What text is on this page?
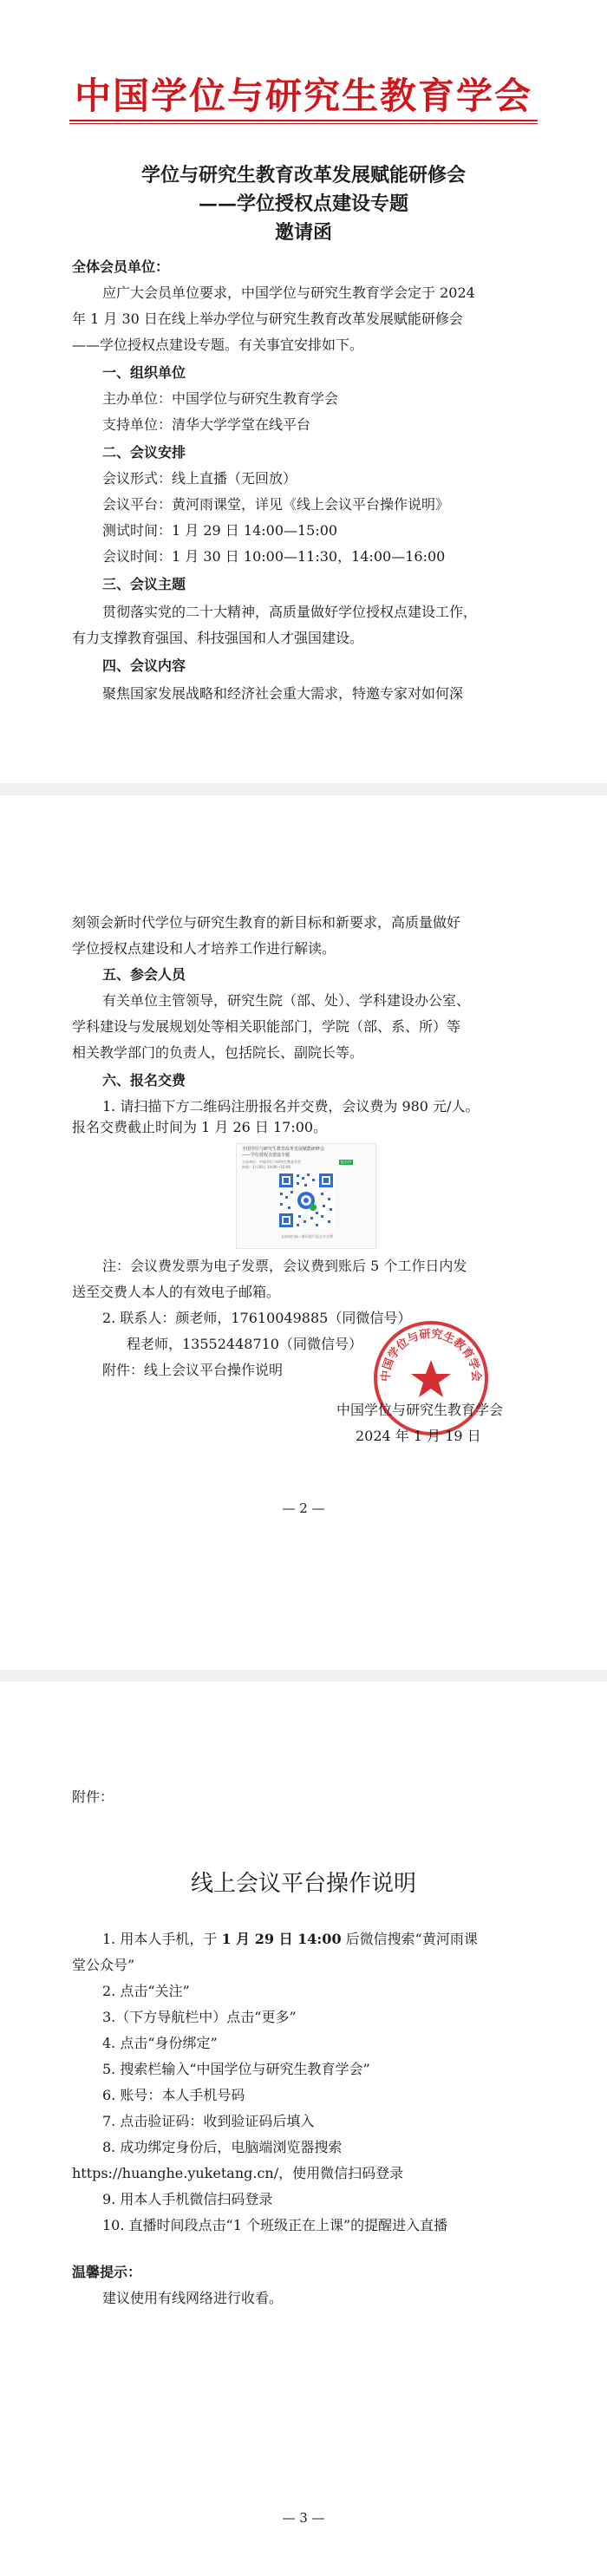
中国学位与研究生教育学会
学位与研究生教育改革发展赋能研修会
——学位授权点建设专题
邀请函
全体会员单位：
应广大会员单位要求，中国学位与研究生教育学会定于 2024
年 1 月 30 日在线上举办学位与研究生教育改革发展赋能研修会
——学位授权点建设专题。有关事宜安排如下。
一、组织单位
主办单位：中国学位与研究生教育学会
支持单位：清华大学学堂在线平台
二、会议安排
会议形式：线上直播（无回放）
会议平台：黄河雨课堂，详见《线上会议平台操作说明》
测试时间：1 月 29 日 14:00—15:00
会议时间：1 月 30 日 10:00—11:30，14:00—16:00
三、会议主题
贯彻落实党的二十大精神，高质量做好学位授权点建设工作，
有力支撑教育强国、科技强国和人才强国建设。
四、会议内容
聚焦国家发展战略和经济社会重大需求，特邀专家对如何深
刻领会新时代学位与研究生教育的新目标和新要求，高质量做好
学位授权点建设和人才培养工作进行解读。
五、参会人员
有关单位主管领导，研究生院（部、处）、学科建设办公室、
学科建设与发展规划处等相关职能部门，学院（部、系、所）等
相关教学部门的负责人，包括院长、副院长等。
六、报名交费
1. 请扫描下方二维码注册报名并交费，会议费为 980 元/人。
报名交费截止时间为 1 月 26 日 17:00。
全国学位与研究生教育改革发展赋能研修会
——学位授权点建设专题
主办单位：中国学位与研究生教育学会	报名中
时间：1月30日 10:00—16:00
长按或扫描二维码进行报名并交费
注：会议费发票为电子发票，会议费到账后 5 个工作日内发
送至交费人本人的有效电子邮箱。
2. 联系人：颜老师，17610049885（同微信号）
程老师，13552448710（同微信号）
附件：线上会议平台操作说明	中国学位与研究生教育学会
中国学位与研究生教育学会
2024 年 1 月 19 日
— 2 —
附件：
线上会议平台操作说明
1. 用本人手机，于 1 月 29 日 14:00 后微信搜索“黄河雨课
堂公众号”
2. 点击“关注”
3.（下方导航栏中）点击“更多”
4. 点击“身份绑定”
5. 搜索栏输入“中国学位与研究生教育学会”
6. 账号：本人手机号码
7. 点击验证码：收到验证码后填入
8. 成功绑定身份后，电脑端浏览器搜索
https://huanghe.yuketang.cn/，使用微信扫码登录
9. 用本人手机微信扫码登录
10. 直播时间段点击“1 个班级正在上课”的提醒进入直播
温馨提示：
建议使用有线网络进行收看。
— 3 —
